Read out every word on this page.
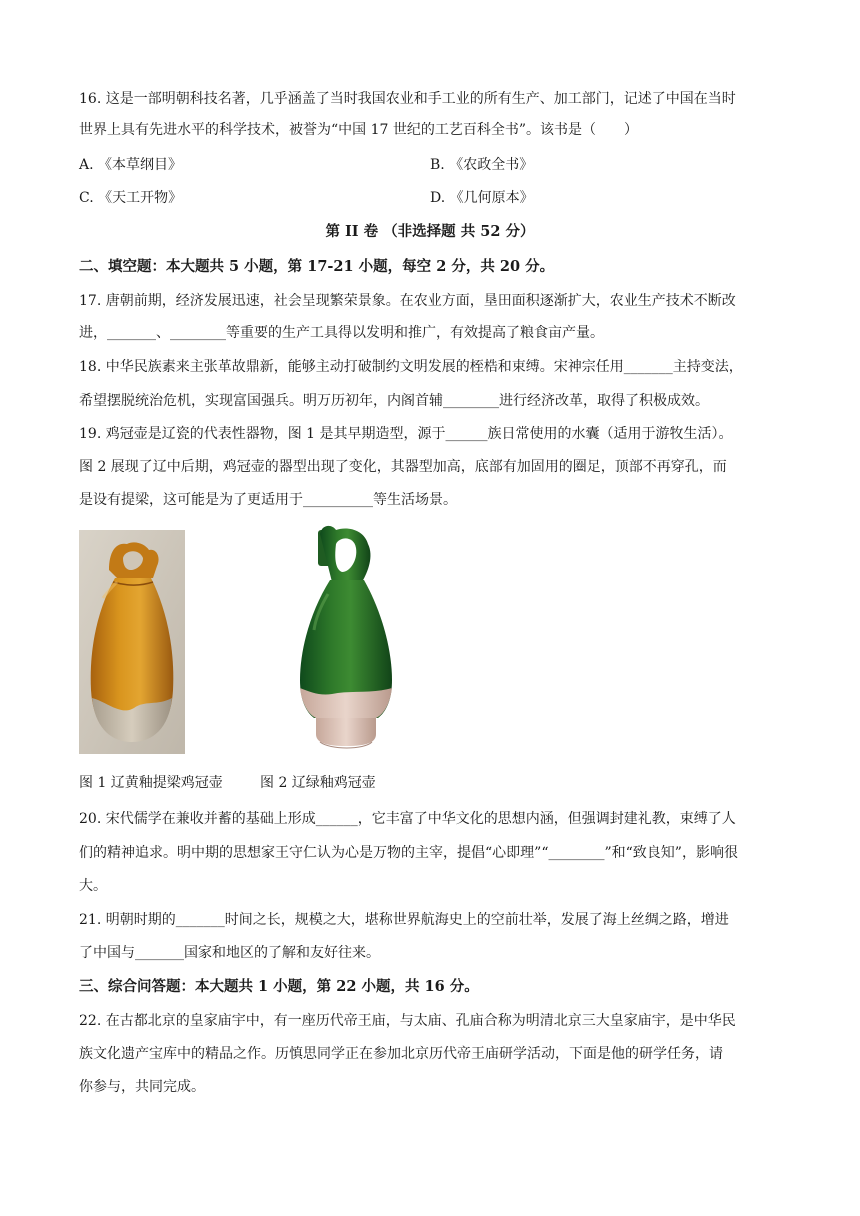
16. 这是一部明朝科技名著，几乎涵盖了当时我国农业和手工业的所有生产、加工部门，记述了中国在当时
世界上具有先进水平的科学技术，被誉为“中国 17 世纪的工艺百科全书”。该书是（　　）
A. 《本草纲目》	B. 《农政全书》
C. 《天工开物》	D. 《几何原本》
第 II 卷 （非选择题 共 52 分）
二、填空题：本大题共 5 小题，第 17-21 小题，每空 2 分，共 20 分。
17. 唐朝前期，经济发展迅速，社会呈现繁荣景象。在农业方面，垦田面积逐渐扩大，农业生产技术不断改
进，_______、________等重要的生产工具得以发明和推广，有效提高了粮食亩产量。
18. 中华民族素来主张革故鼎新，能够主动打破制约文明发展的桎梏和束缚。宋神宗任用_______主持变法，
希望摆脱统治危机，实现富国强兵。明万历初年，内阁首辅________进行经济改革，取得了积极成效。
19. 鸡冠壶是辽瓷的代表性器物，图 1 是其早期造型，源于______族日常使用的水囊（适用于游牧生活）。
图 2 展现了辽中后期，鸡冠壶的器型出现了变化，其器型加高，底部有加固用的圈足，顶部不再穿孔，而
是设有提梁，这可能是为了更适用于__________等生活场景。
图 1 辽黄釉提梁鸡冠壶	图 2 辽绿釉鸡冠壶
20. 宋代儒学在兼收并蓄的基础上形成______，它丰富了中华文化的思想内涵，但强调封建礼教，束缚了人
们的精神追求。明中期的思想家王守仁认为心是万物的主宰，提倡“心即理”“________”和“致良知”，影响很
大。
21. 明朝时期的_______时间之长，规模之大，堪称世界航海史上的空前壮举，发展了海上丝绸之路，增进
了中国与_______国家和地区的了解和友好往来。
三、综合问答题：本大题共 1 小题，第 22 小题，共 16 分。
22. 在古都北京的皇家庙宇中，有一座历代帝王庙，与太庙、孔庙合称为明清北京三大皇家庙宇，是中华民
族文化遗产宝库中的精品之作。历慎思同学正在参加北京历代帝王庙研学活动，下面是他的研学任务，请
你参与，共同完成。
